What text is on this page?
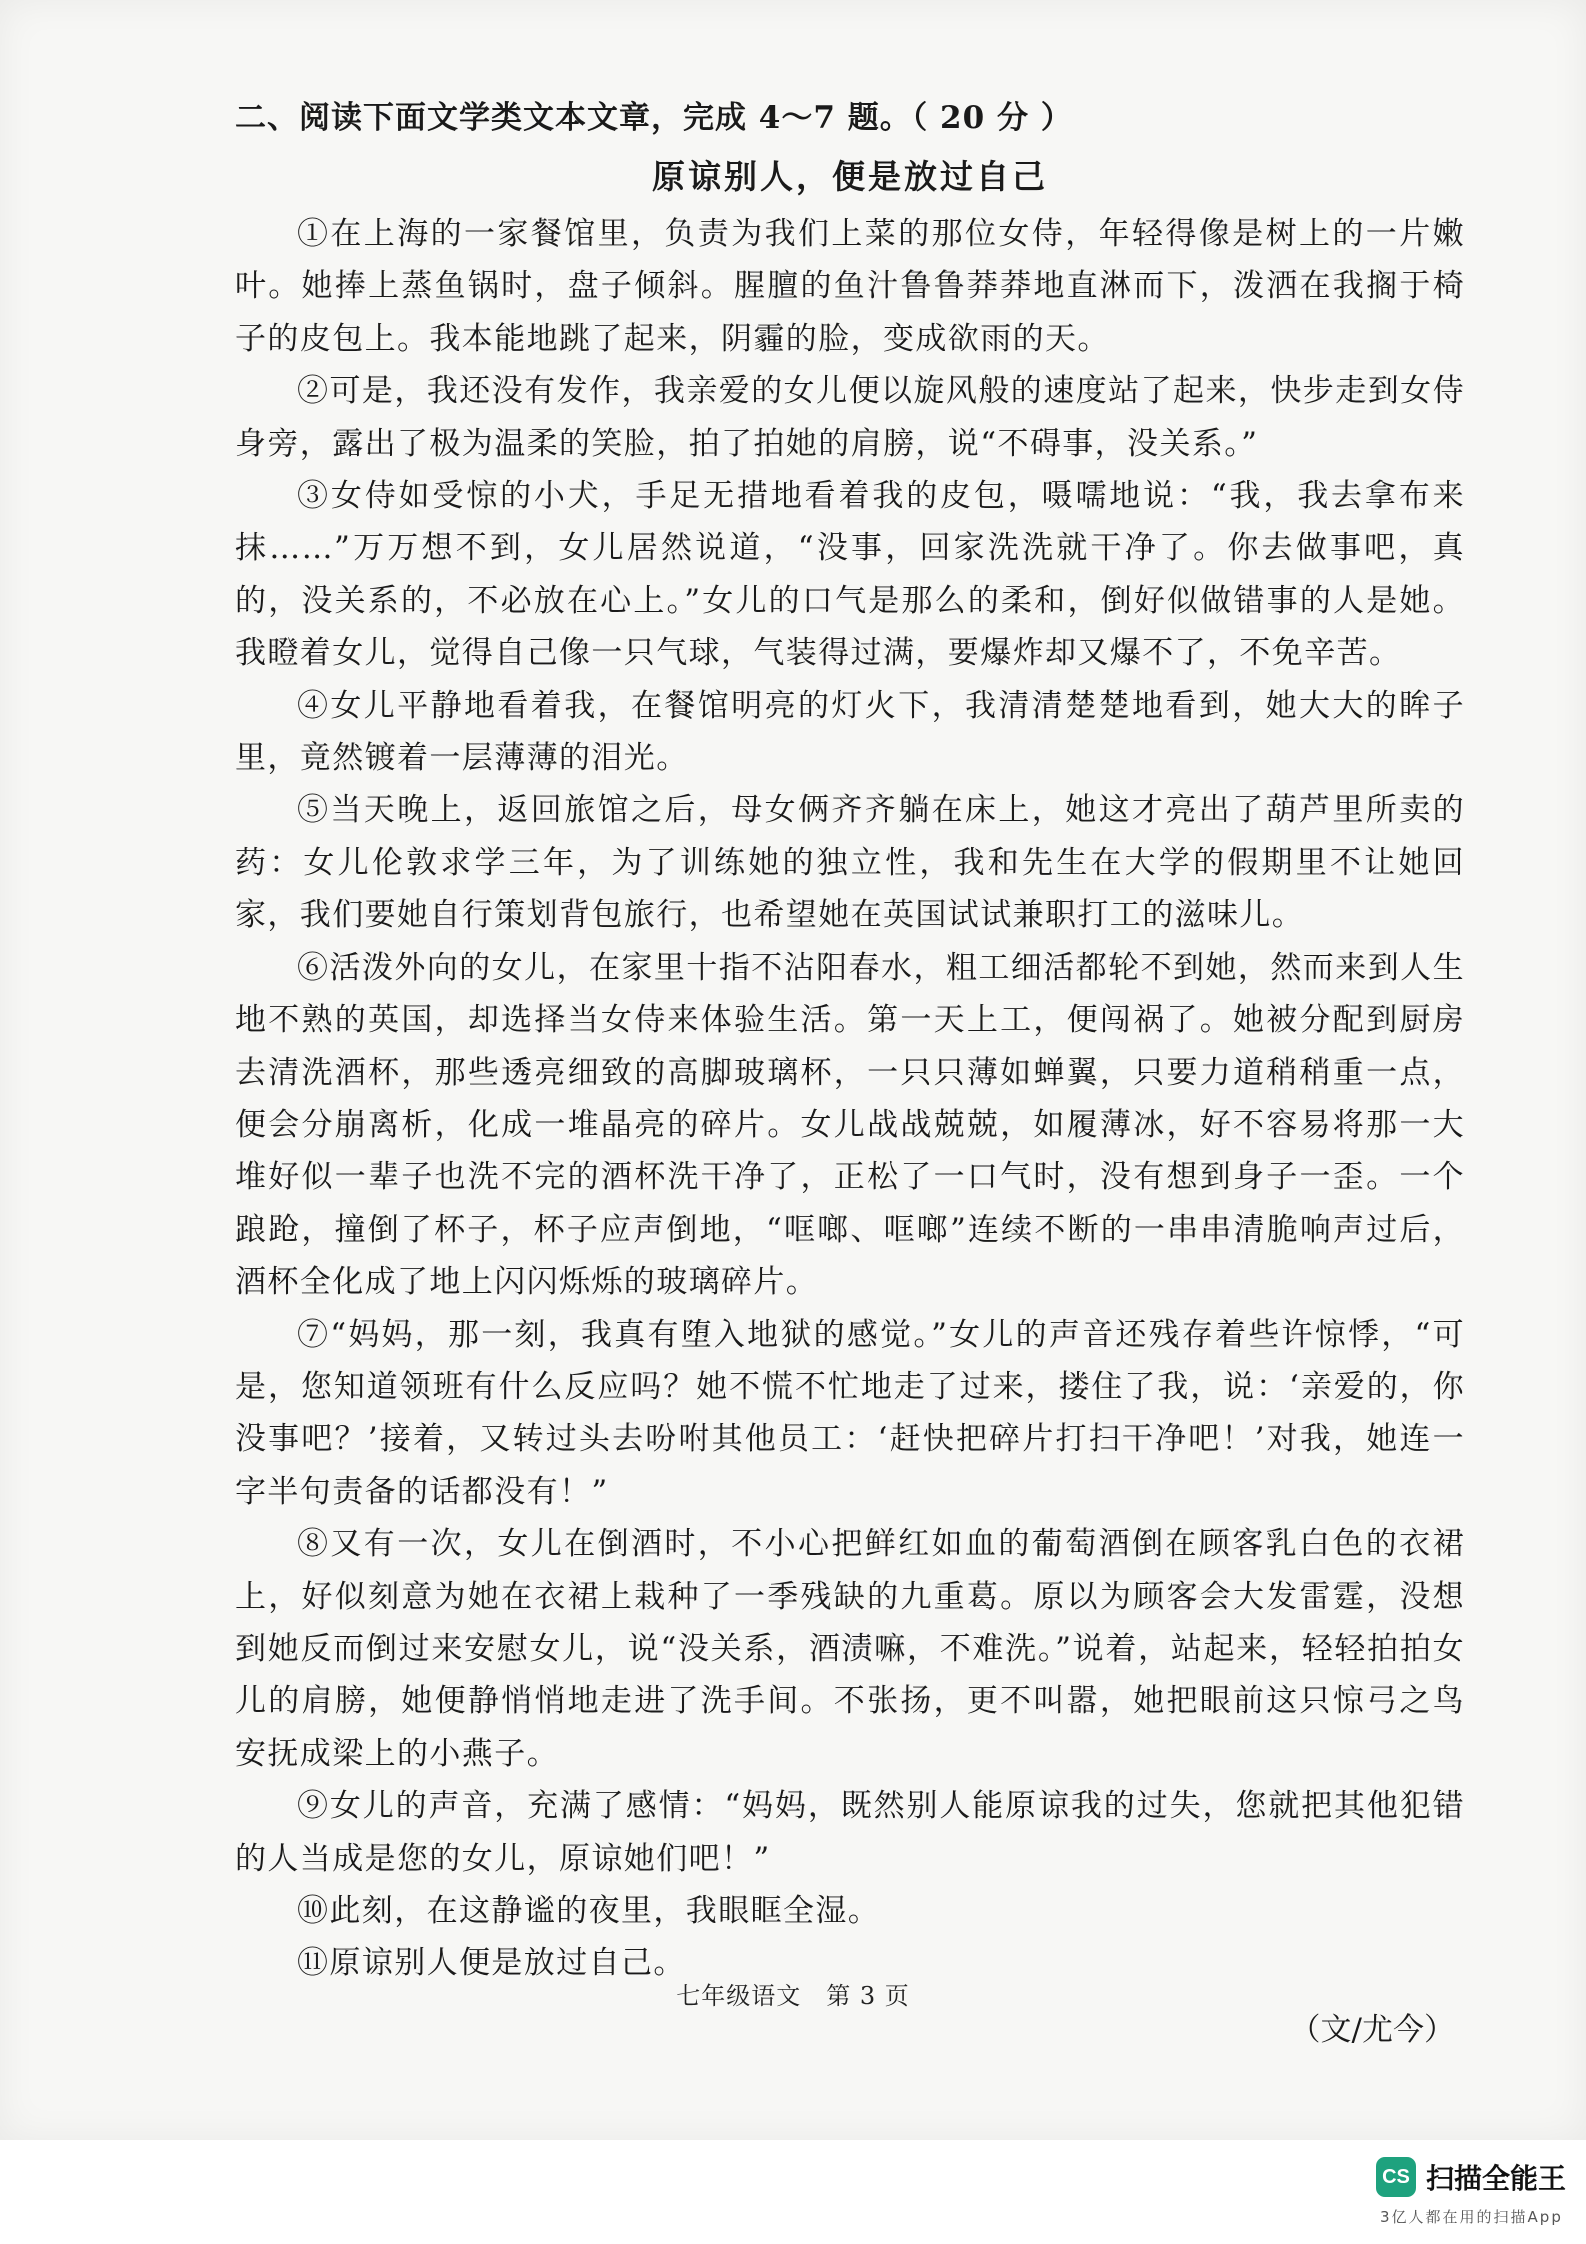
二、阅读下面文学类文本文章，完成 4～7 题。（ 20 分 ）
原谅别人，便是放过自己

①在上海的一家餐馆里，负责为我们上菜的那位女侍，年轻得像是树上的一片嫩叶。她捧上蒸鱼锅时，盘子倾斜。腥膻的鱼汁鲁鲁莽莽地直淋而下，泼洒在我搁于椅子的皮包上。我本能地跳了起来，阴霾的脸，变成欲雨的天。

②可是，我还没有发作，我亲爱的女儿便以旋风般的速度站了起来，快步走到女侍身旁，露出了极为温柔的笑脸，拍了拍她的肩膀，说“不碍事，没关系。”

③女侍如受惊的小犬，手足无措地看着我的皮包，嗫嚅地说：“我，我去拿布来抹……”万万想不到，女儿居然说道，“没事，回家洗洗就干净了。你去做事吧，真的，没关系的，不必放在心上。”女儿的口气是那么的柔和，倒好似做错事的人是她。我瞪着女儿，觉得自己像一只气球，气装得过满，要爆炸却又爆不了，不免辛苦。

④女儿平静地看着我，在餐馆明亮的灯火下，我清清楚楚地看到，她大大的眸子里，竟然镀着一层薄薄的泪光。

⑤当天晚上，返回旅馆之后，母女俩齐齐躺在床上，她这才亮出了葫芦里所卖的药：女儿伦敦求学三年，为了训练她的独立性，我和先生在大学的假期里不让她回家，我们要她自行策划背包旅行，也希望她在英国试试兼职打工的滋味儿。

⑥活泼外向的女儿，在家里十指不沾阳春水，粗工细活都轮不到她，然而来到人生地不熟的英国，却选择当女侍来体验生活。第一天上工，便闯祸了。她被分配到厨房去清洗酒杯，那些透亮细致的高脚玻璃杯，一只只薄如蝉翼，只要力道稍稍重一点，便会分崩离析，化成一堆晶亮的碎片。女儿战战兢兢，如履薄冰，好不容易将那一大堆好似一辈子也洗不完的酒杯洗干净了，正松了一口气时，没有想到身子一歪。一个踉跄，撞倒了杯子，杯子应声倒地，“哐啷、哐啷”连续不断的一串串清脆响声过后，酒杯全化成了地上闪闪烁烁的玻璃碎片。

⑦“妈妈，那一刻，我真有堕入地狱的感觉。”女儿的声音还残存着些许惊悸，“可是，您知道领班有什么反应吗？她不慌不忙地走了过来，搂住了我，说：‘亲爱的，你没事吧？’接着，又转过头去吩咐其他员工：‘赶快把碎片打扫干净吧！’对我，她连一字半句责备的话都没有！”

⑧又有一次，女儿在倒酒时，不小心把鲜红如血的葡萄酒倒在顾客乳白色的衣裙上，好似刻意为她在衣裙上栽种了一季残缺的九重葛。原以为顾客会大发雷霆，没想到她反而倒过来安慰女儿，说“没关系，酒渍嘛，不难洗。”说着，站起来，轻轻拍拍女儿的肩膀，她便静悄悄地走进了洗手间。不张扬，更不叫嚣，她把眼前这只惊弓之鸟安抚成梁上的小燕子。

⑨女儿的声音，充满了感情：“妈妈，既然别人能原谅我的过失，您就把其他犯错的人当成是您的女儿，原谅她们吧！”

⑩此刻，在这静谧的夜里，我眼眶全湿。

⑪原谅别人便是放过自己。

（文/尤今）
七年级语文　第 3 页
CS 扫描全能王
3亿人都在用的扫描App
